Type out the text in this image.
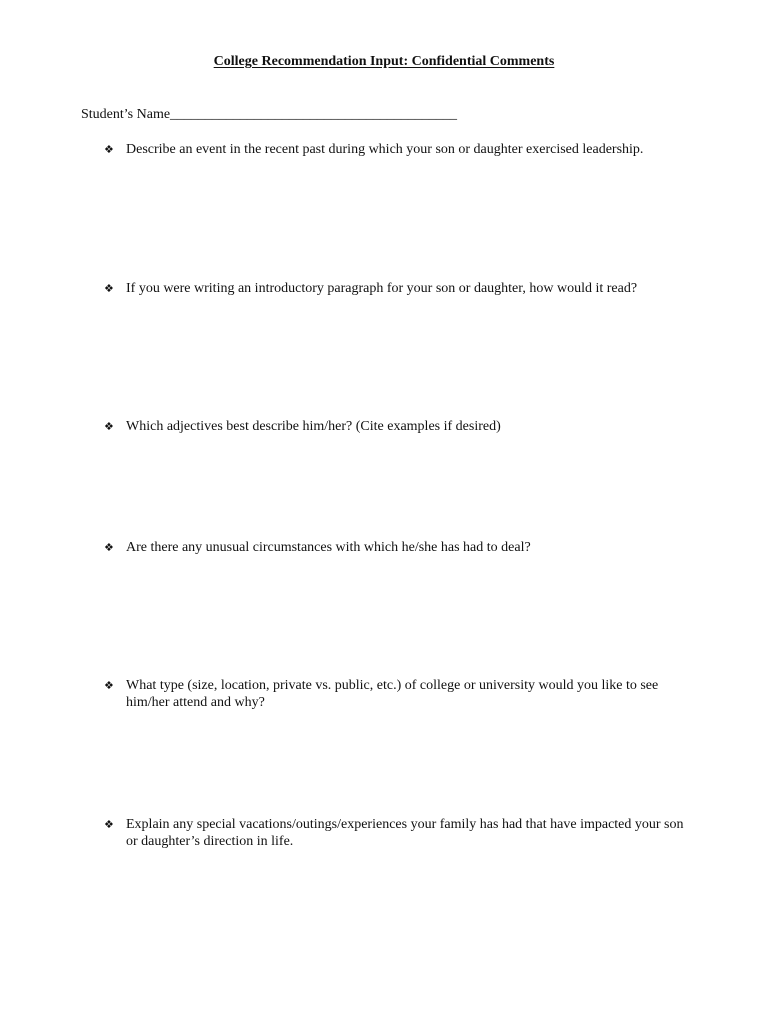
College Recommendation Input: Confidential Comments
Student’s Name_________________________________________
❖ Describe an event in the recent past during which your son or daughter exercised leadership.
❖ If you were writing an introductory paragraph for your son or daughter, how would it read?
❖ Which adjectives best describe him/her? (Cite examples if desired)
❖ Are there any unusual circumstances with which he/she has had to deal?
❖ What type (size, location, private vs. public, etc.) of college or university would you like to see him/her attend and why?
❖ Explain any special vacations/outings/experiences your family has had that have impacted your son or daughter’s direction in life.
